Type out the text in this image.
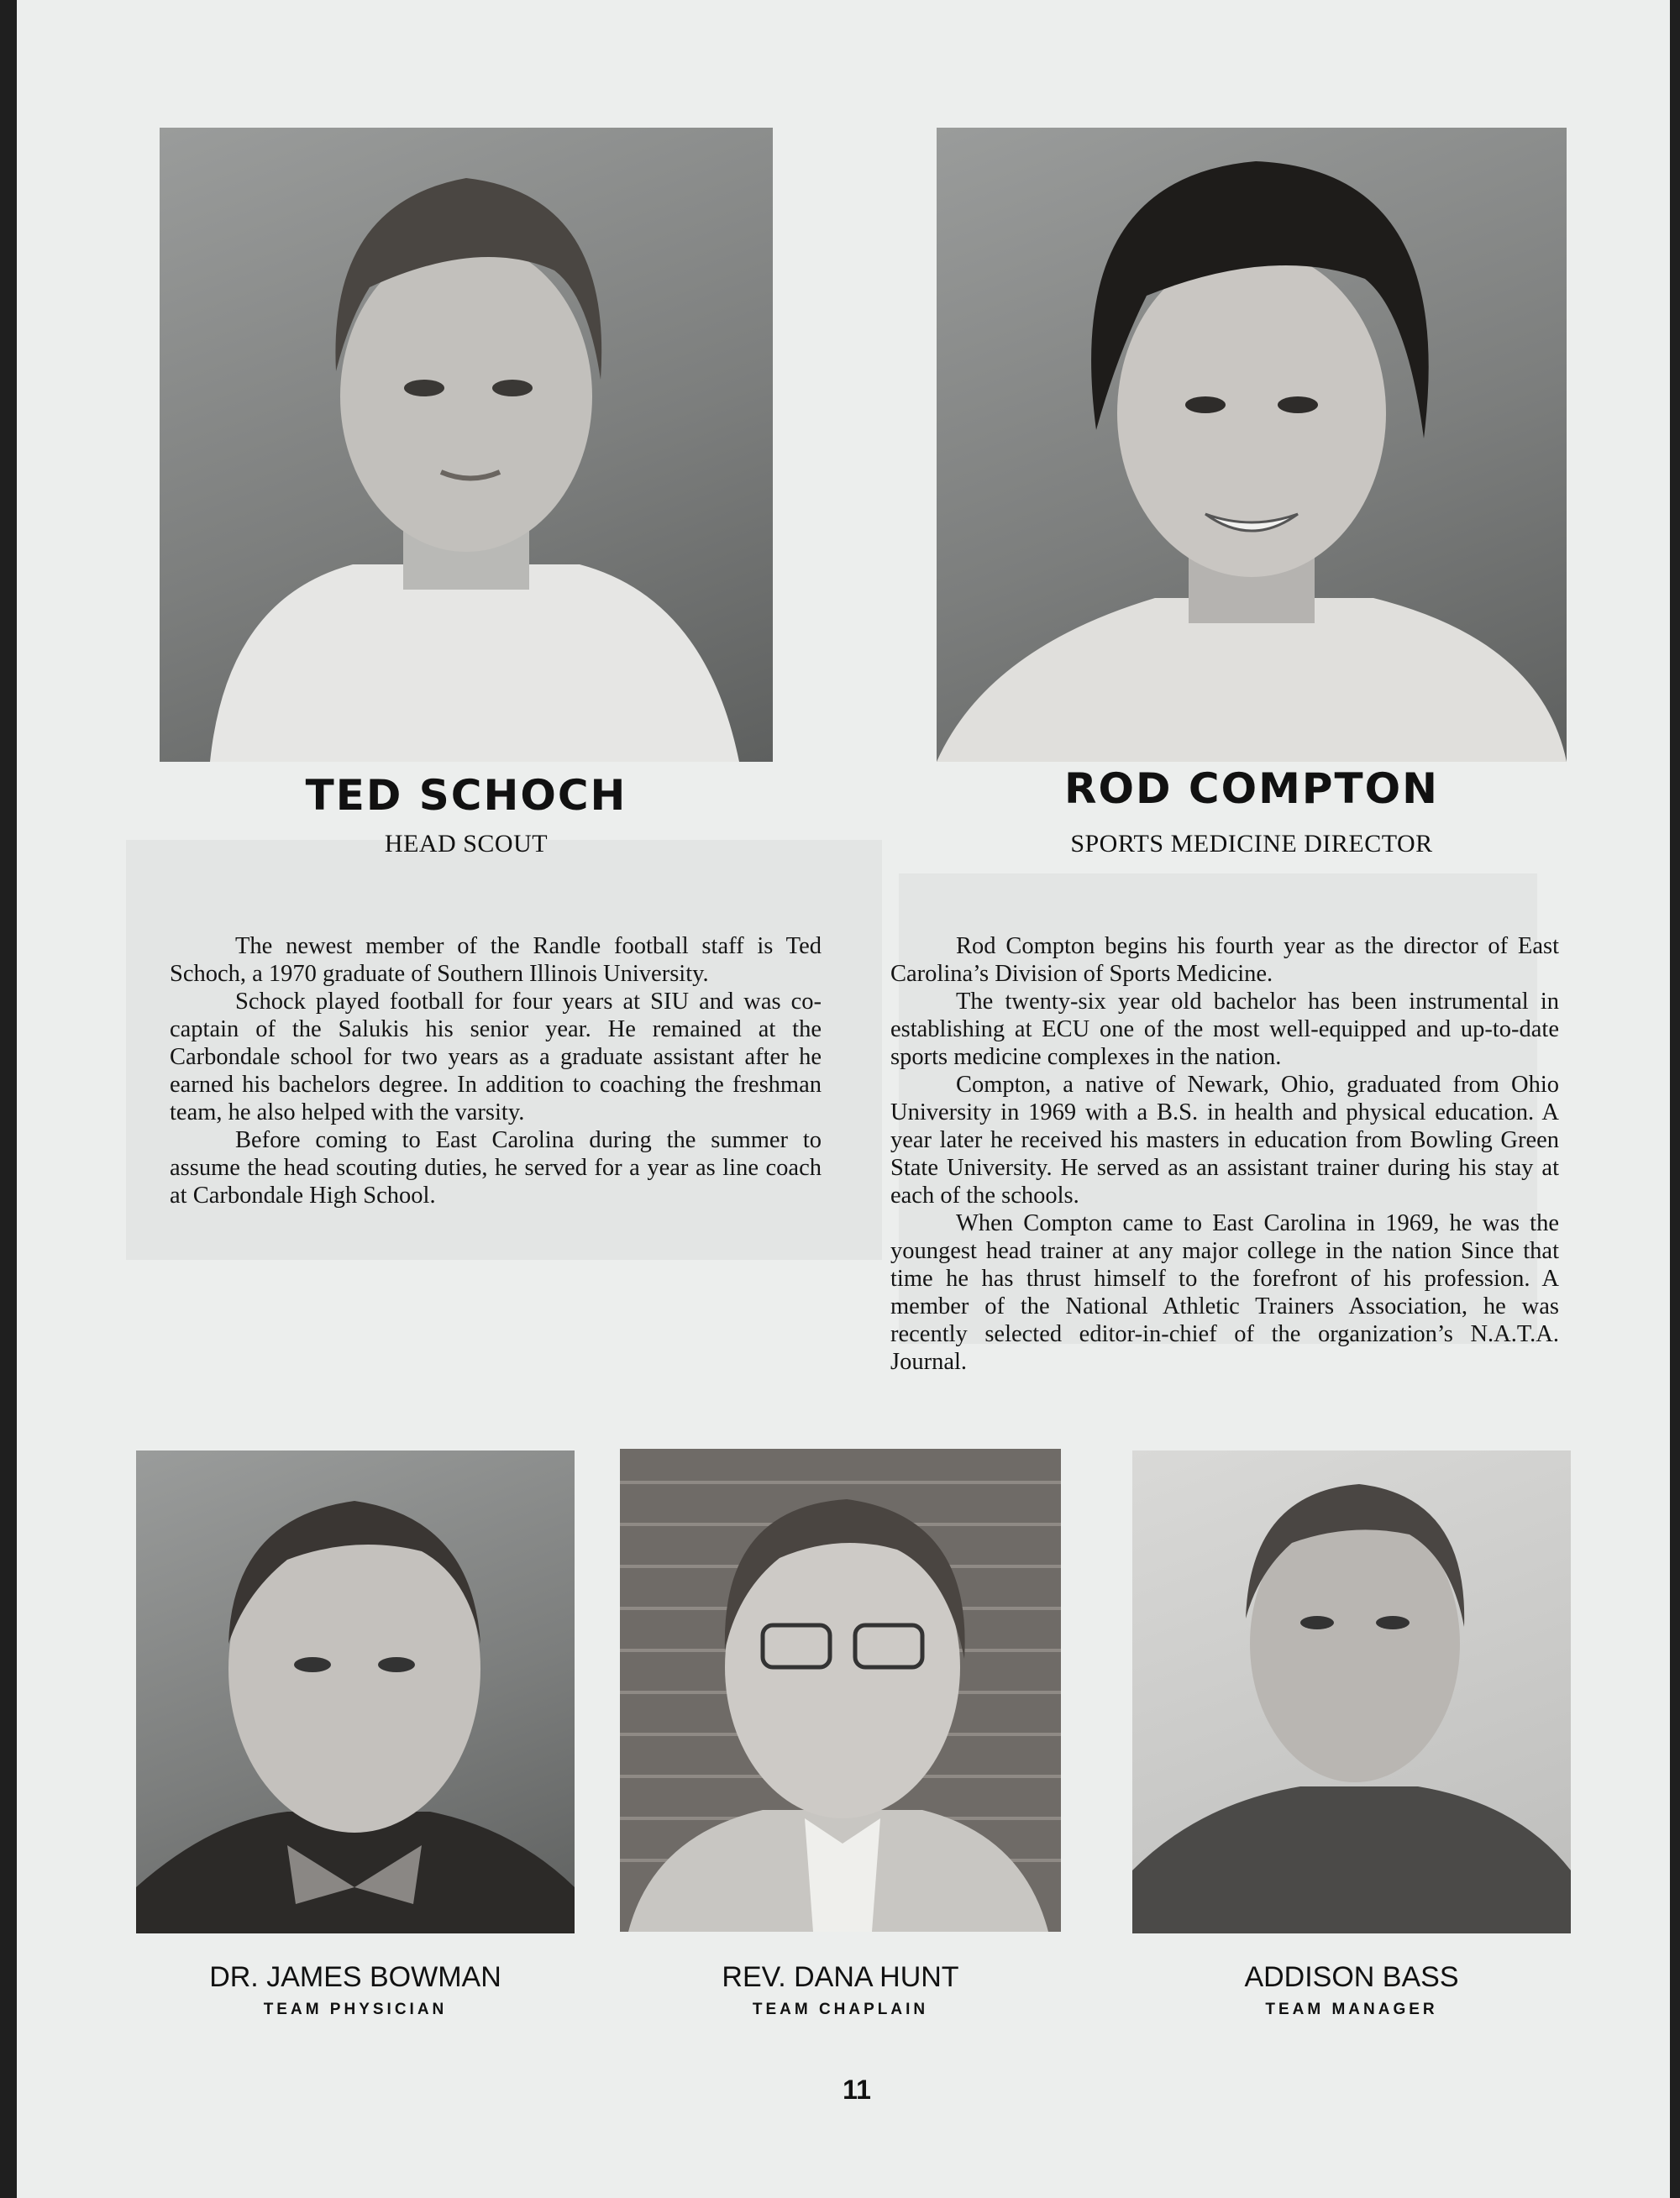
TED SCHOCH
HEAD SCOUT
ROD COMPTON
SPORTS MEDICINE DIRECTOR

The newest member of the Randle football staff is Ted Schoch, a 1970 graduate of Southern Illinois University.

Schock played football for four years at SIU and was co-captain of the Salukis his senior year. He remained at the Carbondale school for two years as a graduate assistant after he earned his bachelors degree. In addition to coaching the freshman team, he also helped with the varsity.

Before coming to East Carolina during the summer to assume the head scouting duties, he served for a year as line coach at Carbondale High School.

Rod Compton begins his fourth year as the director of East Carolina’s Division of Sports Medicine.

The twenty-six year old bachelor has been instrumental in establishing at ECU one of the most well-equipped and up-to-date sports medicine complexes in the nation.

Compton, a native of Newark, Ohio, graduated from Ohio University in 1969 with a B.S. in health and physical education. A year later he received his masters in education from Bowling Green State University. He served as an assistant trainer during his stay at each of the schools.

When Compton came to East Carolina in 1969, he was the youngest head trainer at any major college in the nation Since that time he has thrust himself to the forefront of his profession. A member of the National Athletic Trainers Association, he was recently selected editor-in-chief of the organization’s N.A.T.A. Journal.

DR. JAMES BOWMAN
TEAM PHYSICIAN
REV. DANA HUNT
TEAM CHAPLAIN
ADDISON BASS
TEAM MANAGER
11
